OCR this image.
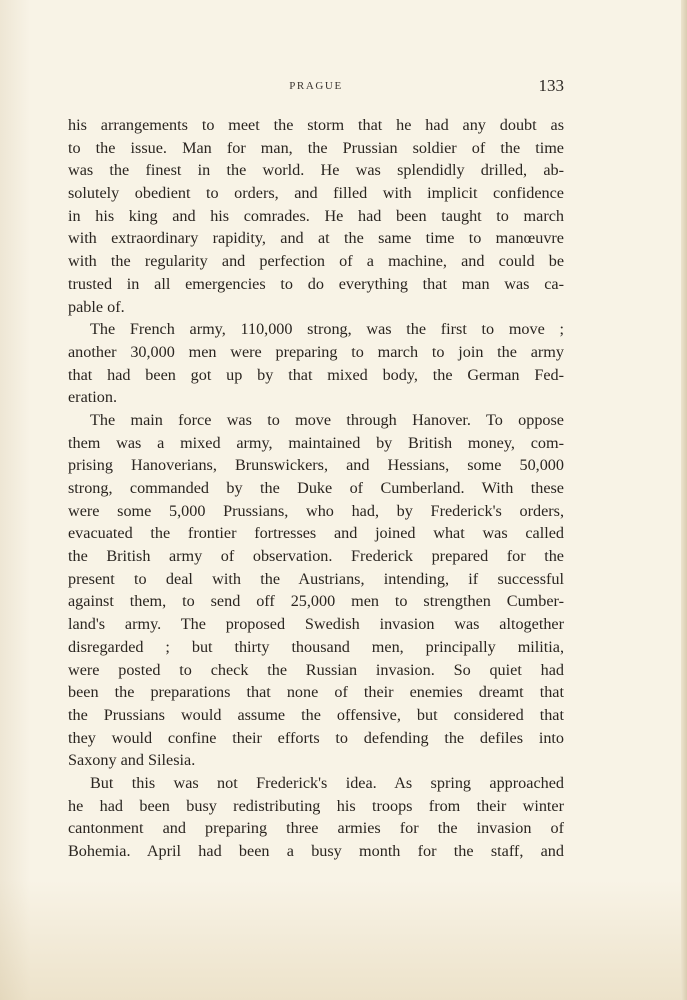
PRAGUE	133
his arrangements to meet the storm that he had any doubt as
to the issue. Man for man, the Prussian soldier of the time
was the finest in the world. He was splendidly drilled, ab-
solutely obedient to orders, and filled with implicit confidence
in his king and his comrades. He had been taught to march
with extraordinary rapidity, and at the same time to manœuvre
with the regularity and perfection of a machine, and could be
trusted in all emergencies to do everything that man was ca-
pable of.
The French army, 110,000 strong, was the first to move ;
another 30,000 men were preparing to march to join the army
that had been got up by that mixed body, the German Fed-
eration.
The main force was to move through Hanover. To oppose
them was a mixed army, maintained by British money, com-
prising Hanoverians, Brunswickers, and Hessians, some 50,000
strong, commanded by the Duke of Cumberland. With these
were some 5,000 Prussians, who had, by Frederick's orders,
evacuated the frontier fortresses and joined what was called
the British army of observation. Frederick prepared for the
present to deal with the Austrians, intending, if successful
against them, to send off 25,000 men to strengthen Cumber-
land's army. The proposed Swedish invasion was altogether
disregarded ; but thirty thousand men, principally militia,
were posted to check the Russian invasion. So quiet had
been the preparations that none of their enemies dreamt that
the Prussians would assume the offensive, but considered that
they would confine their efforts to defending the defiles into
Saxony and Silesia.
But this was not Frederick's idea. As spring approached
he had been busy redistributing his troops from their winter
cantonment and preparing three armies for the invasion of
Bohemia. April had been a busy month for the staff, and
